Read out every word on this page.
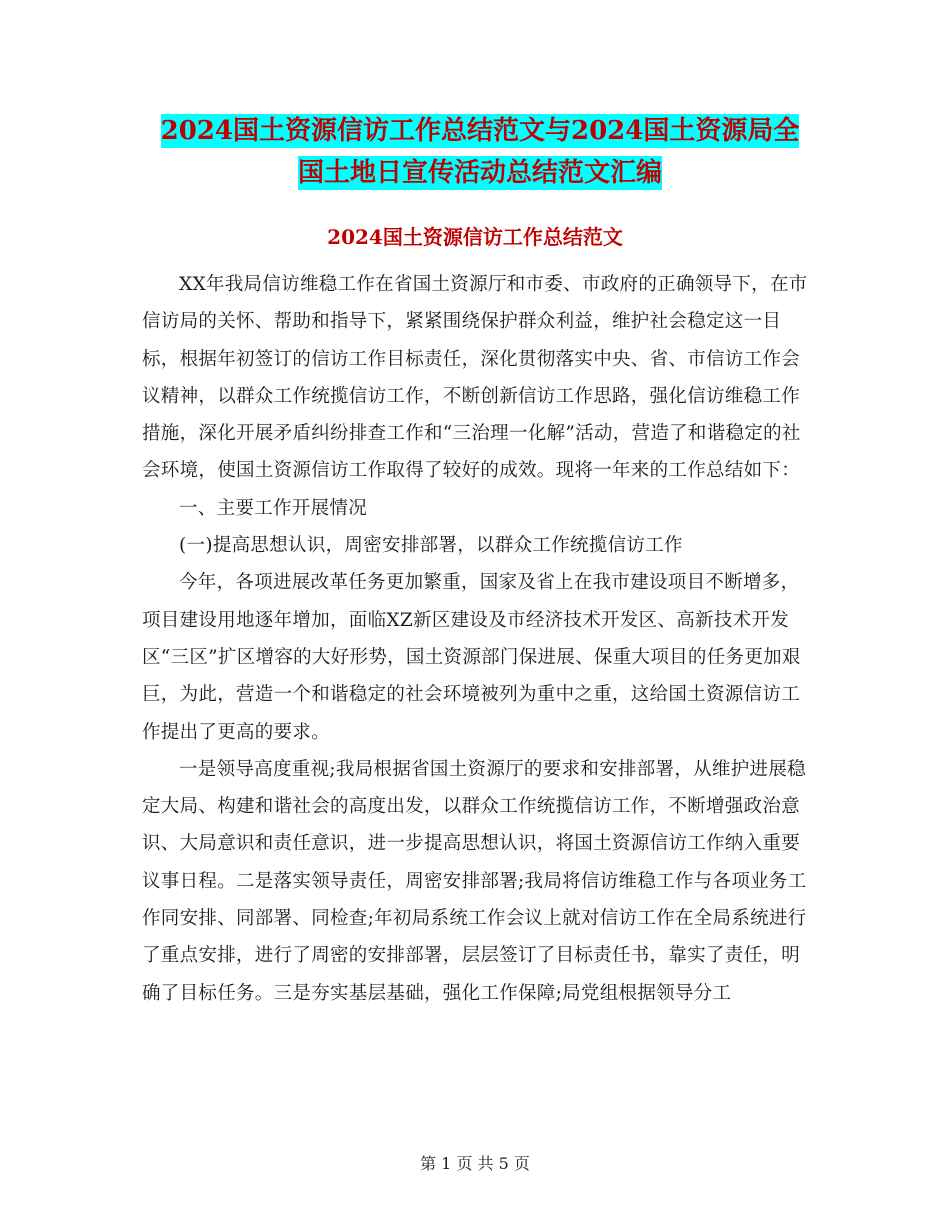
2024国土资源信访工作总结范文与2024国土资源局全
国土地日宣传活动总结范文汇编
2024国土资源信访工作总结范文

XX年我局信访维稳工作在省国土资源厅和市委、市政府的正确领导下，在市信访局的关怀、帮助和指导下，紧紧围绕保护群众利益，维护社会稳定这一目标，根据年初签订的信访工作目标责任，深化贯彻落实中央、省、市信访工作会议精神，以群众工作统揽信访工作，不断创新信访工作思路，强化信访维稳工作措施，深化开展矛盾纠纷排查工作和“三治理一化解”活动，营造了和谐稳定的社会环境，使国土资源信访工作取得了较好的成效。现将一年来的工作总结如下：

一、主要工作开展情况

(一)提高思想认识，周密安排部署，以群众工作统揽信访工作

今年，各项进展改革任务更加繁重，国家及省上在我市建设项目不断增多，项目建设用地逐年增加，面临XZ新区建设及市经济技术开发区、高新技术开发区“三区”扩区增容的大好形势，国土资源部门保进展、保重大项目的任务更加艰巨，为此，营造一个和谐稳定的社会环境被列为重中之重，这给国土资源信访工作提出了更高的要求。

一是领导高度重视;我局根据省国土资源厅的要求和安排部署，从维护进展稳定大局、构建和谐社会的高度出发，以群众工作统揽信访工作，不断增强政治意识、大局意识和责任意识，进一步提高思想认识，将国土资源信访工作纳入重要议事日程。二是落实领导责任，周密安排部署;我局将信访维稳工作与各项业务工作同安排、同部署、同检查;年初局系统工作会议上就对信访工作在全局系统进行了重点安排，进行了周密的安排部署，层层签订了目标责任书，靠实了责任，明确了目标任务。三是夯实基层基础，强化工作保障;局党组根据领导分工

第 1 页 共 5 页
